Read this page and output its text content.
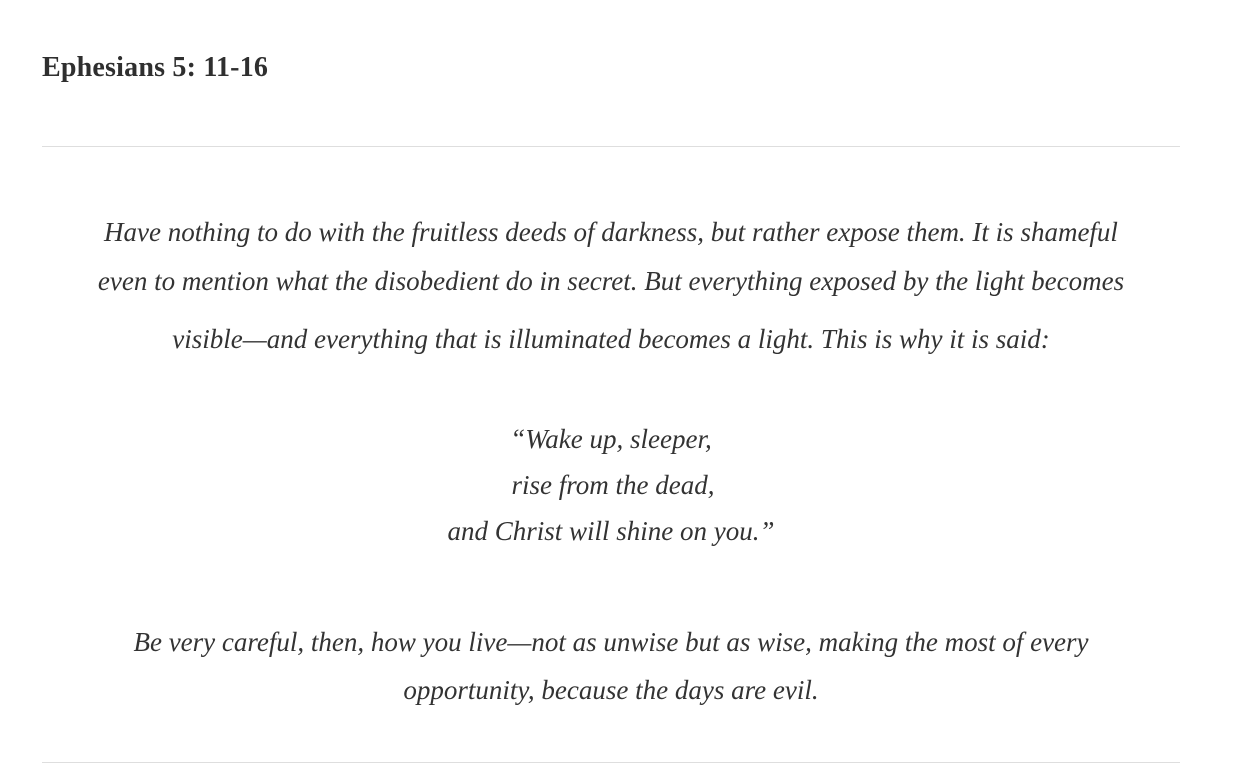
Ephesians 5: 11-16

Have nothing to do with the fruitless deeds of darkness, but rather expose them. It is shameful
even to mention what the disobedient do in secret. But everything exposed by the light becomes
visible—and everything that is illuminated becomes a light. This is why it is said:

“Wake up, sleeper,
rise from the dead,
and Christ will shine on you.”

Be very careful, then, how you live—not as unwise but as wise, making the most of every
opportunity, because the days are evil.
